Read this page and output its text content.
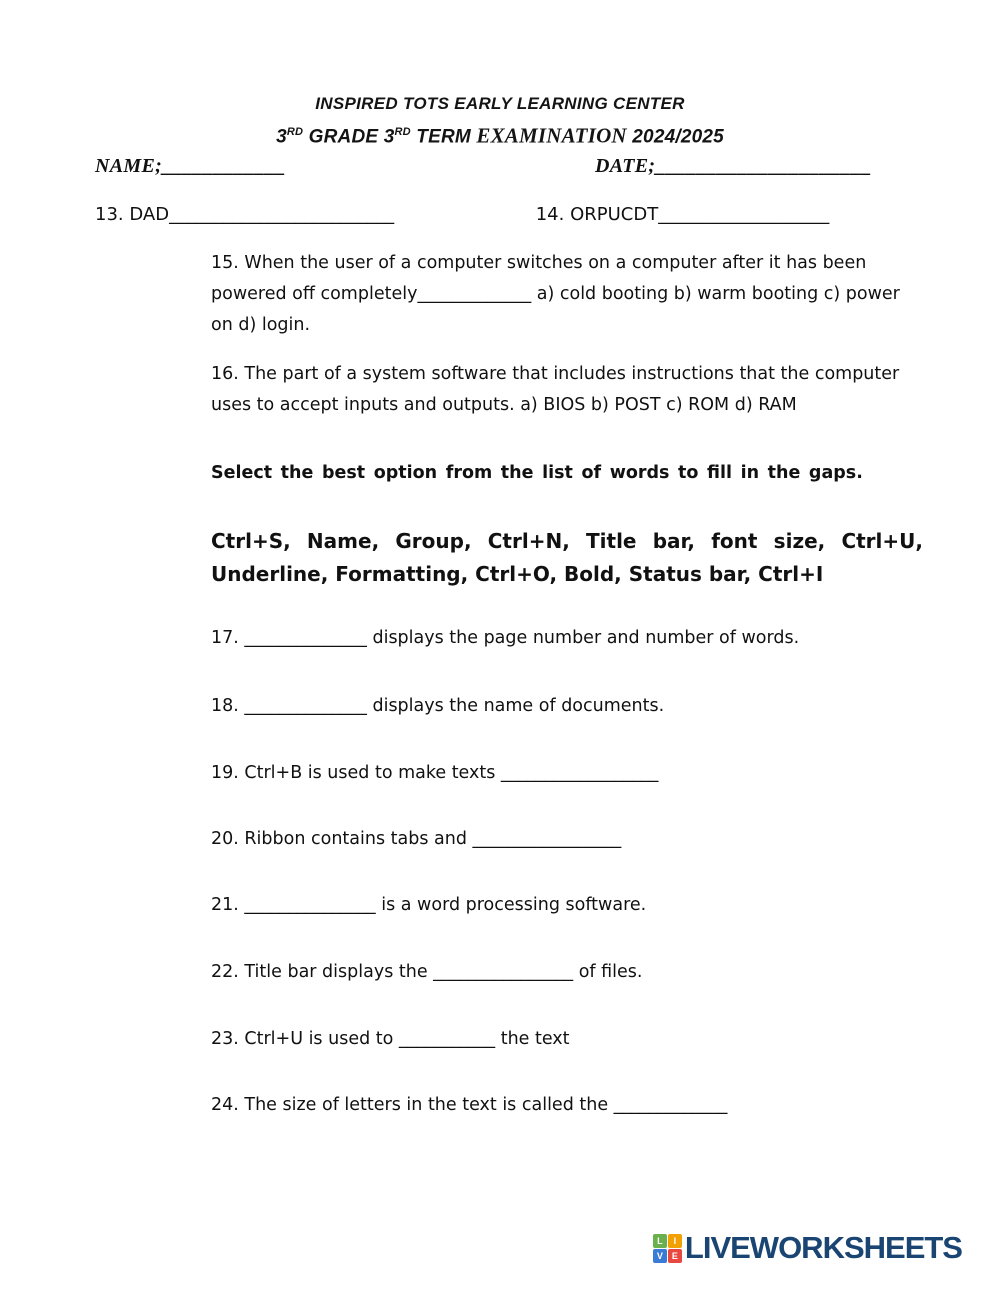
INSPIRED TOTS EARLY LEARNING CENTER
3RD GRADE 3RD TERM EXAMINATION 2024/2025
NAME;____________	DATE;_____________________
13. DAD_________________________	14. ORPUCDT___________________

15. When the user of a computer switches on a computer after it has been powered off completely_____________ a) cold booting b) warm booting c) power on d) login.

16. The part of a system software that includes instructions that the computer uses to accept inputs and outputs. a) BIOS b) POST c) ROM d) RAM

Select the best option from the list of words to fill in the gaps.

Ctrl+S, Name, Group, Ctrl+N, Title bar, font size, Ctrl+U, Underline, Formatting, Ctrl+O, Bold, Status bar, Ctrl+I

17. ______________ displays the page number and number of words.

18. ______________ displays the name of documents.

19. Ctrl+B is used to make texts __________________

20. Ribbon contains tabs and _________________

21. _______________ is a word processing software.

22. Title bar displays the ________________ of files.

23. Ctrl+U is used to ___________ the text

24. The size of letters in the text is called the _____________

L	I
V E LIVEWORKSHEETS
